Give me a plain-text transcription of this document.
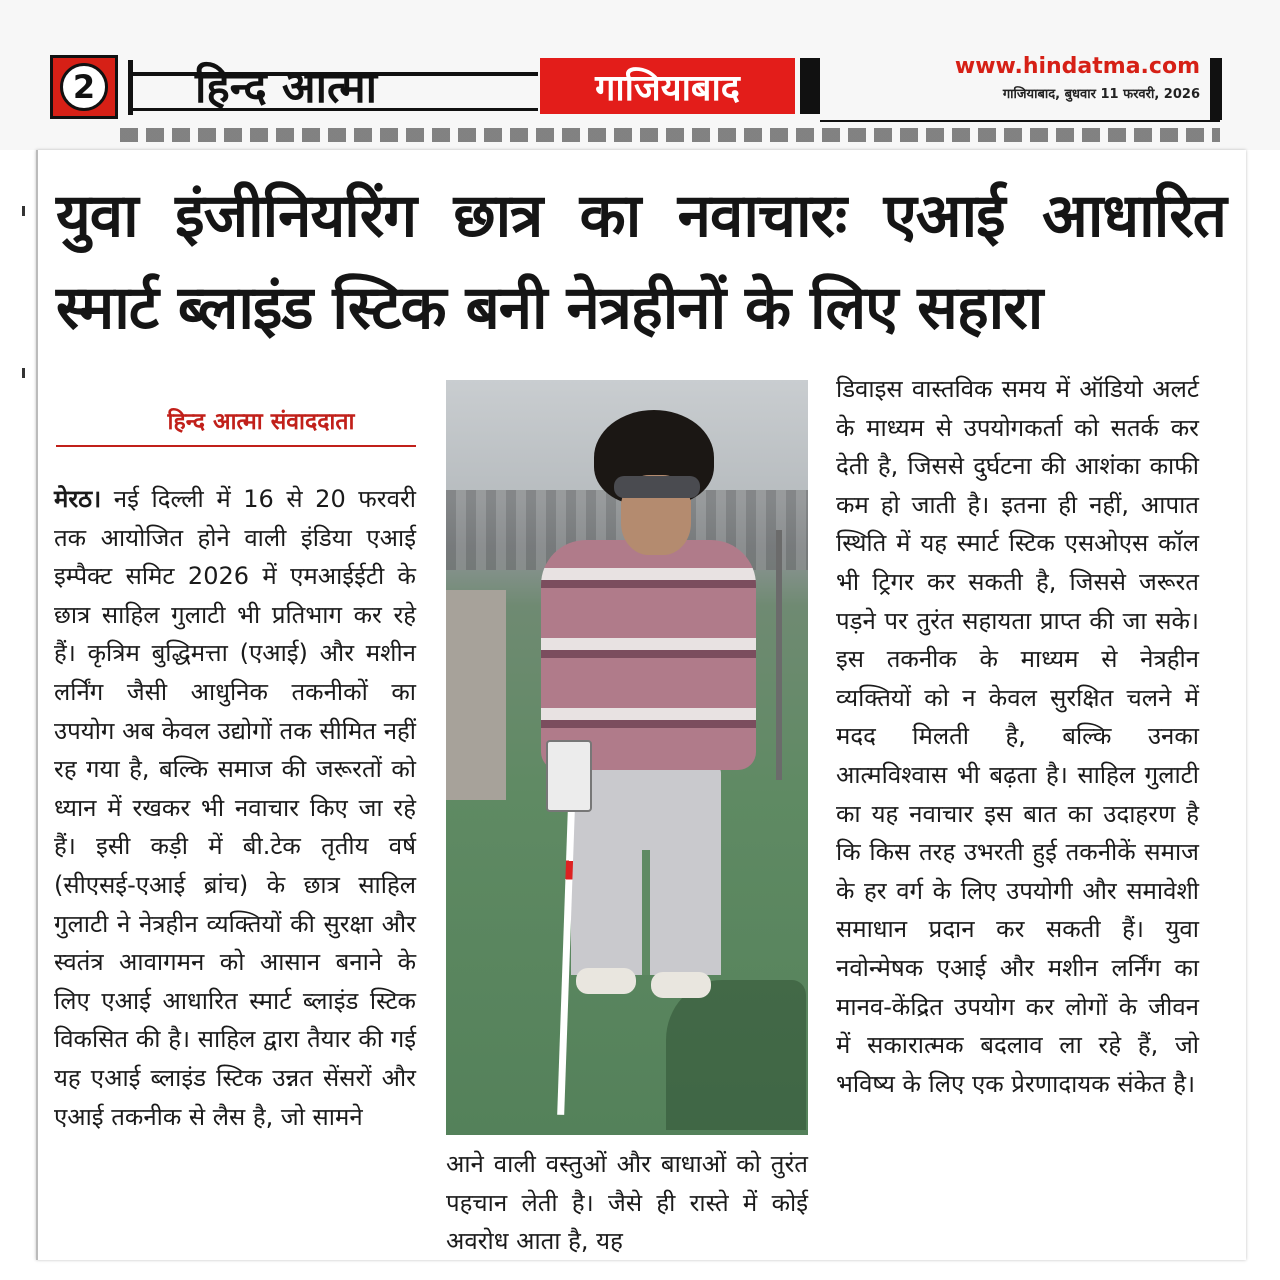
2 हिन्द आत्मा	गाजियाबाद
www.hindatma.com
गाजियाबाद, बुधवार 11 फरवरी, 2026
युवा इंजीनियरिंग छात्र का नवाचारः एआई आधारित स्मार्ट ब्लाइंड स्टिक बनी नेत्रहीनों के लिए सहारा
हिन्द आत्मा संवाददाता
मेरठ। नई दिल्ली में 16 से 20 फरवरी तक आयोजित होने वाली इंडिया एआई इम्पैक्ट समिट 2026 में एमआईईटी के छात्र साहिल गुलाटी भी प्रतिभाग कर रहे हैं। कृत्रिम बुद्धिमत्ता (एआई) और मशीन लर्निंग जैसी आधुनिक तकनीकों का उपयोग अब केवल उद्योगों तक सीमित नहीं रह गया है, बल्कि समाज की जरूरतों को ध्यान में रखकर भी नवाचार किए जा रहे हैं। इसी कड़ी में बी.टेक तृतीय वर्ष (सीएसई-एआई ब्रांच) के छात्र साहिल गुलाटी ने नेत्रहीन व्यक्तियों की सुरक्षा और स्वतंत्र आवागमन को आसान बनाने के लिए एआई आधारित स्मार्ट ब्लाइंड स्टिक विकसित की है। साहिल द्वारा तैयार की गई यह एआई ब्लाइंड स्टिक उन्नत सेंसरों और एआई तकनीक से लैस है, जो सामने
आने वाली वस्तुओं और बाधाओं को तुरंत पहचान लेती है। जैसे ही रास्ते में कोई अवरोध आता है, यह
डिवाइस वास्तविक समय में ऑडियो अलर्ट के माध्यम से उपयोगकर्ता को सतर्क कर देती है, जिससे दुर्घटना की आशंका काफी कम हो जाती है। इतना ही नहीं, आपात स्थिति में यह स्मार्ट स्टिक एसओएस कॉल भी ट्रिगर कर सकती है, जिससे जरूरत पड़ने पर तुरंत सहायता प्राप्त की जा सके। इस तकनीक के माध्यम से नेत्रहीन व्यक्तियों को न केवल सुरक्षित चलने में मदद मिलती है, बल्कि उनका आत्मविश्वास भी बढ़ता है। साहिल गुलाटी का यह नवाचार इस बात का उदाहरण है कि किस तरह उभरती हुई तकनीकें समाज के हर वर्ग के लिए उपयोगी और समावेशी समाधान प्रदान कर सकती हैं। युवा नवोन्मेषक एआई और मशीन लर्निंग का मानव-केंद्रित उपयोग कर लोगों के जीवन में सकारात्मक बदलाव ला रहे हैं, जो भविष्य के लिए एक प्रेरणादायक संकेत है।
